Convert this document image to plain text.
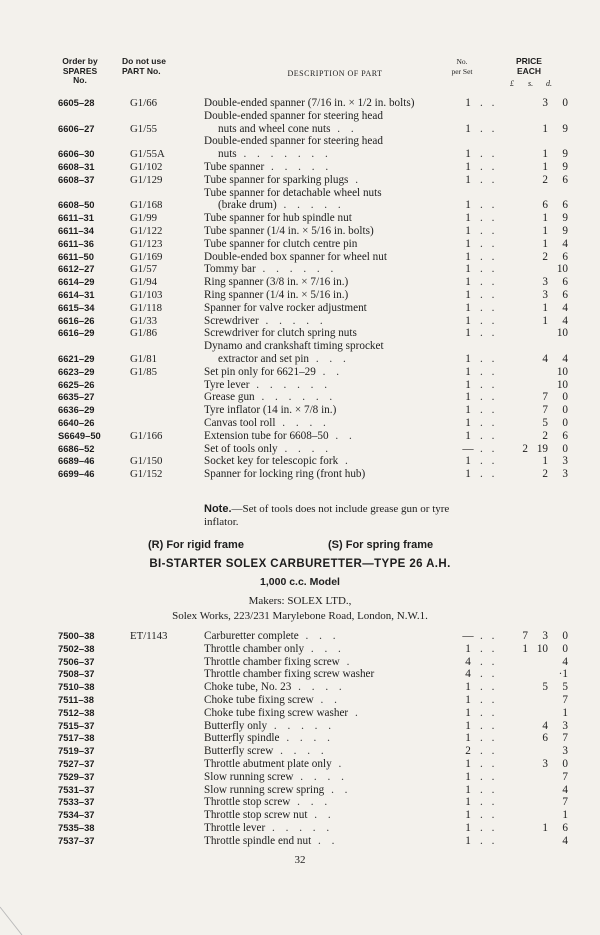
Order by
SPARES
No.
Do not use
PART No.	DESCRIPTION OF PART
No.
per Set
PRICE
EACH
£ s. d.
6605–28	G1/66	Double-ended spanner (7/16 in. × 1/2 in. bolts)	1	. .		3	0
6606–27	G1/55	Double-ended spanner for steering head
nuts and wheel cone nuts . .	1	. .		1	9
6606–30	G1/55A	Double-ended spanner for steering head
nuts . . . . . . .	1	. .		1	9
6608–31	G1/102	Tube spanner . . . . .	1	. .		1	9
6608–37	G1/129	Tube spanner for sparking plugs .	1	. .		2	6
6608–50	G1/168	Tube spanner for detachable wheel nuts
(brake drum) . . . . .	1	. .		6	6
6611–31	G1/99	Tube spanner for hub spindle nut	1	. .		1	9
6611–34	G1/122	Tube spanner (1/4 in. × 5/16 in. bolts)	1	. .		1	9
6611–36	G1/123	Tube spanner for clutch centre pin	1	. .		1	4
6611–50	G1/169	Double-ended box spanner for wheel nut	1	. .		2	6
6612–27	G1/57	Tommy bar . . . . . .	1	. .			10
6614–29	G1/94	Ring spanner (3/8 in. × 7/16 in.)	1	. .		3	6
6614–31	G1/103	Ring spanner (1/4 in. × 5/16 in.)	1	. .		3	6
6615–34	G1/118	Spanner for valve rocker adjustment	1	. .		1	4
6616–26	G1/33	Screwdriver . . . . .	1	. .		1	4
6616–29	G1/86	Screwdriver for clutch spring nuts	1	. .			10
6621–29	G1/81	Dynamo and crankshaft timing sprocket
extractor and set pin . . .	1	. .		4	4
6623–29	G1/85	Set pin only for 6621–29 . .	1	. .			10
6625–26		Tyre lever . . . . . .	1	. .			10
6635–27		Grease gun . . . . . .	1	. .		7	0
6636–29		Tyre inflator (14 in. × 7/8 in.)	1	. .		7	0
6640–26		Canvas tool roll . . . .	1	. .		5	0
S6649–50	G1/166	Extension tube for 6608–50 . .	1	. .		2	6
6686–52		Set of tools only . . . .	—	. .	2	19	0
6689–46	G1/150	Socket key for telescopic fork .	1	. .		1	3
6699–46	G1/152	Spanner for locking ring (front hub)	1	. .		2	3
Note.—Set of tools does not include grease gun or tyre inflator.
(R) For rigid frame	(S) For spring frame
BI-STARTER SOLEX CARBURETTER—TYPE 26 A.H.
1,000 c.c. Model
Makers: SOLEX LTD.,
Solex Works, 223/231 Marylebone Road, London, N.W.1.
7500–38	ET/1143	Carburetter complete . . .	—	. .	7	3	0
7502–38		Throttle chamber only . . .	1	. .	1	10	0
7506–37		Throttle chamber fixing screw .	4	. .			4
7508–37		Throttle chamber fixing screw washer	4	. .			·1
7510–38		Choke tube, No. 23 . . . .	1	. .		5	5
7511–38		Choke tube fixing screw . .	1	. .			7
7512–38		Choke tube fixing screw washer .	1	. .			1
7515–37		Butterfly only . . . . .	1	. .		4	3
7517–38		Butterfly spindle . . . .	1	. .		6	7
7519–37		Butterfly screw . . . .	2	. .			3
7527–37		Throttle abutment plate only .	1	. .		3	0
7529–37		Slow running screw . . . .	1	. .			7
7531–37		Slow running screw spring . .	1	. .			4
7533–37		Throttle stop screw . . .	1	. .			7
7534–37		Throttle stop screw nut . .	1	. .			1
7535–38		Throttle lever . . . . .	1	. .		1	6
7537–37		Throttle spindle end nut . .	1	. .			4
32
